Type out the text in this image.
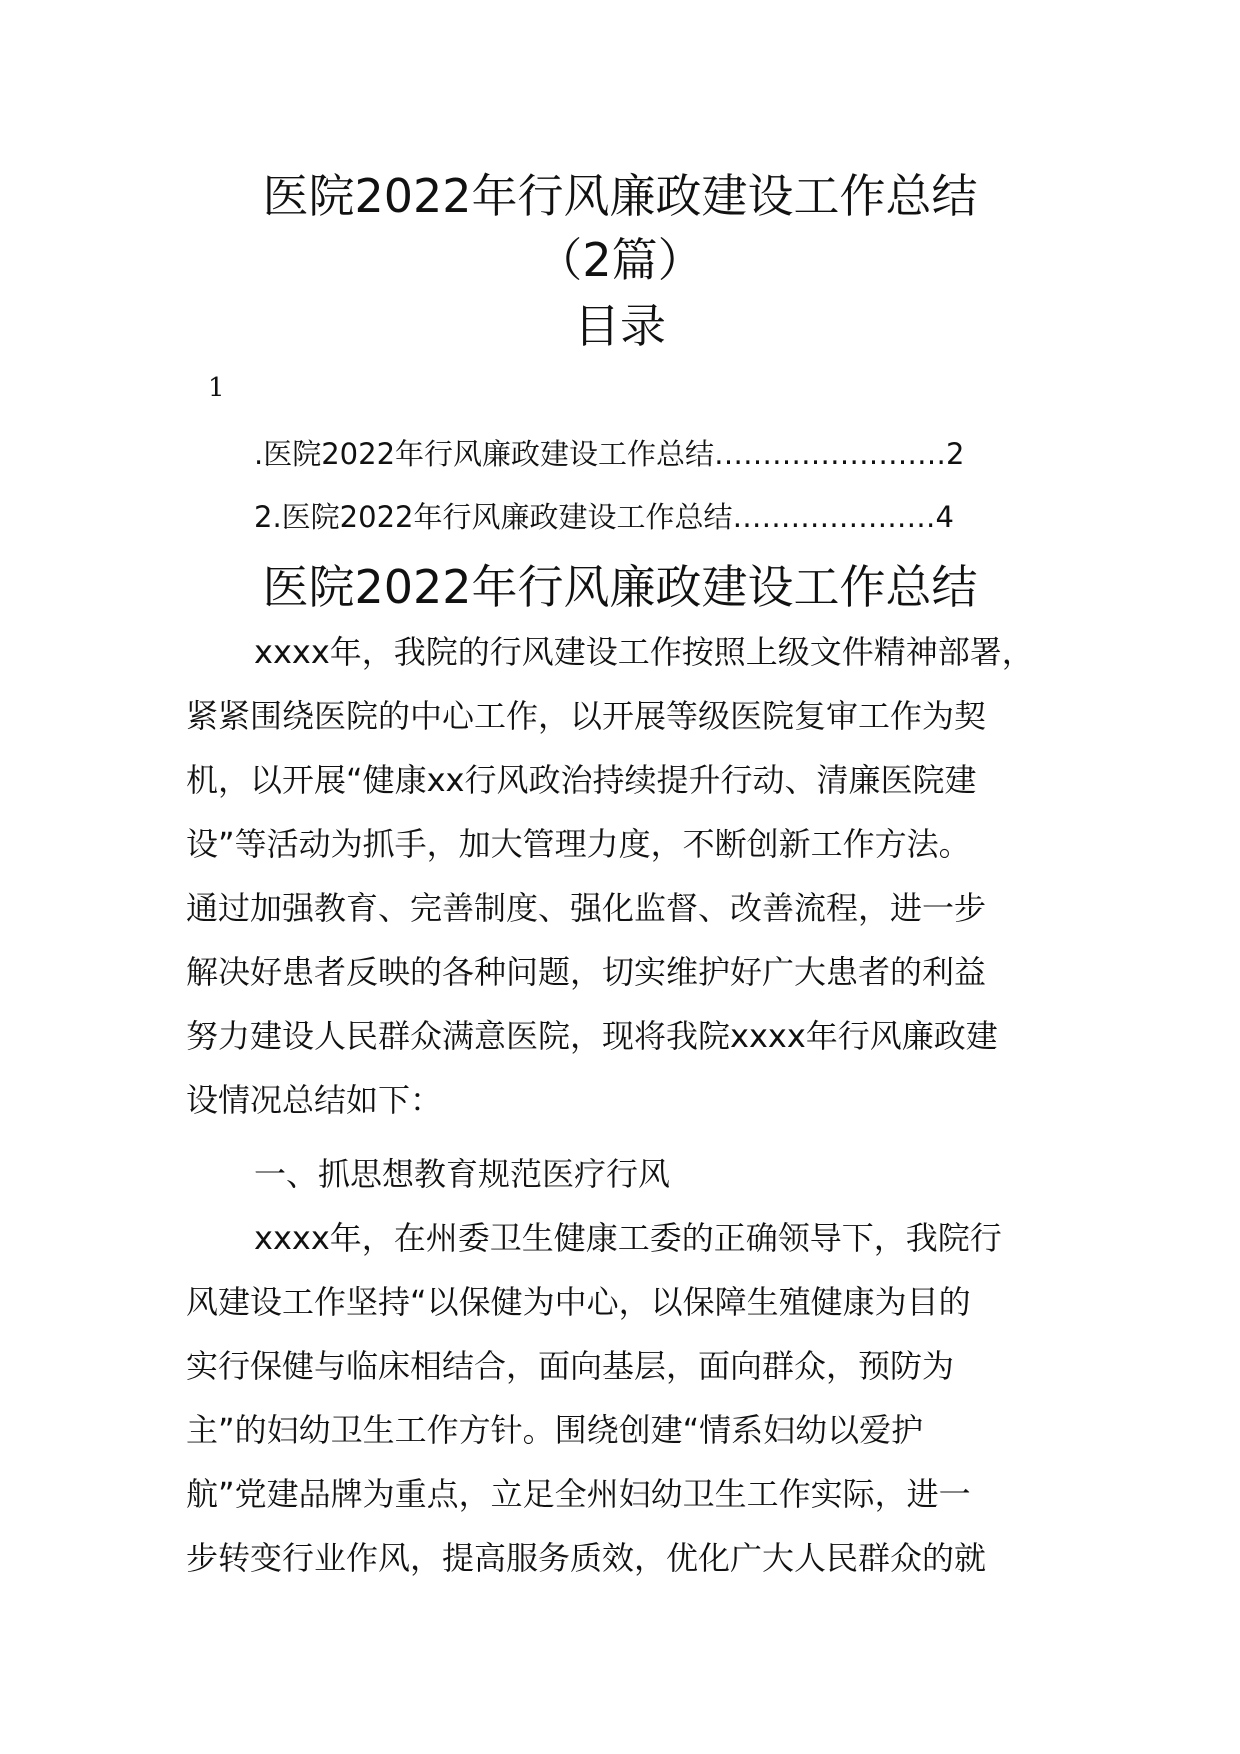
医院2022年行风廉政建设工作总结
（2篇）
目录
1
.医院2022年行风廉政建设工作总结……………………2
2.医院2022年行风廉政建设工作总结…………………4
医院2022年行风廉政建设工作总结
xxxx年，我院的行风建设工作按照上级文件精神部署，
紧紧围绕医院的中心工作，以开展等级医院复审工作为契
机，以开展“健康xx行风政治持续提升行动、清廉医院建
设”等活动为抓手，加大管理力度，不断创新工作方法。
通过加强教育、完善制度、强化监督、改善流程，进一步
解决好患者反映的各种问题，切实维护好广大患者的利益
努力建设人民群众满意医院，现将我院xxxx年行风廉政建
设情况总结如下：
一、抓思想教育规范医疗行风
xxxx年，在州委卫生健康工委的正确领导下，我院行
风建设工作坚持“以保健为中心，以保障生殖健康为目的
实行保健与临床相结合，面向基层，面向群众，预防为
主”的妇幼卫生工作方针。围绕创建“情系妇幼以爱护
航”党建品牌为重点，立足全州妇幼卫生工作实际，进一
步转变行业作风，提高服务质效，优化广大人民群众的就
